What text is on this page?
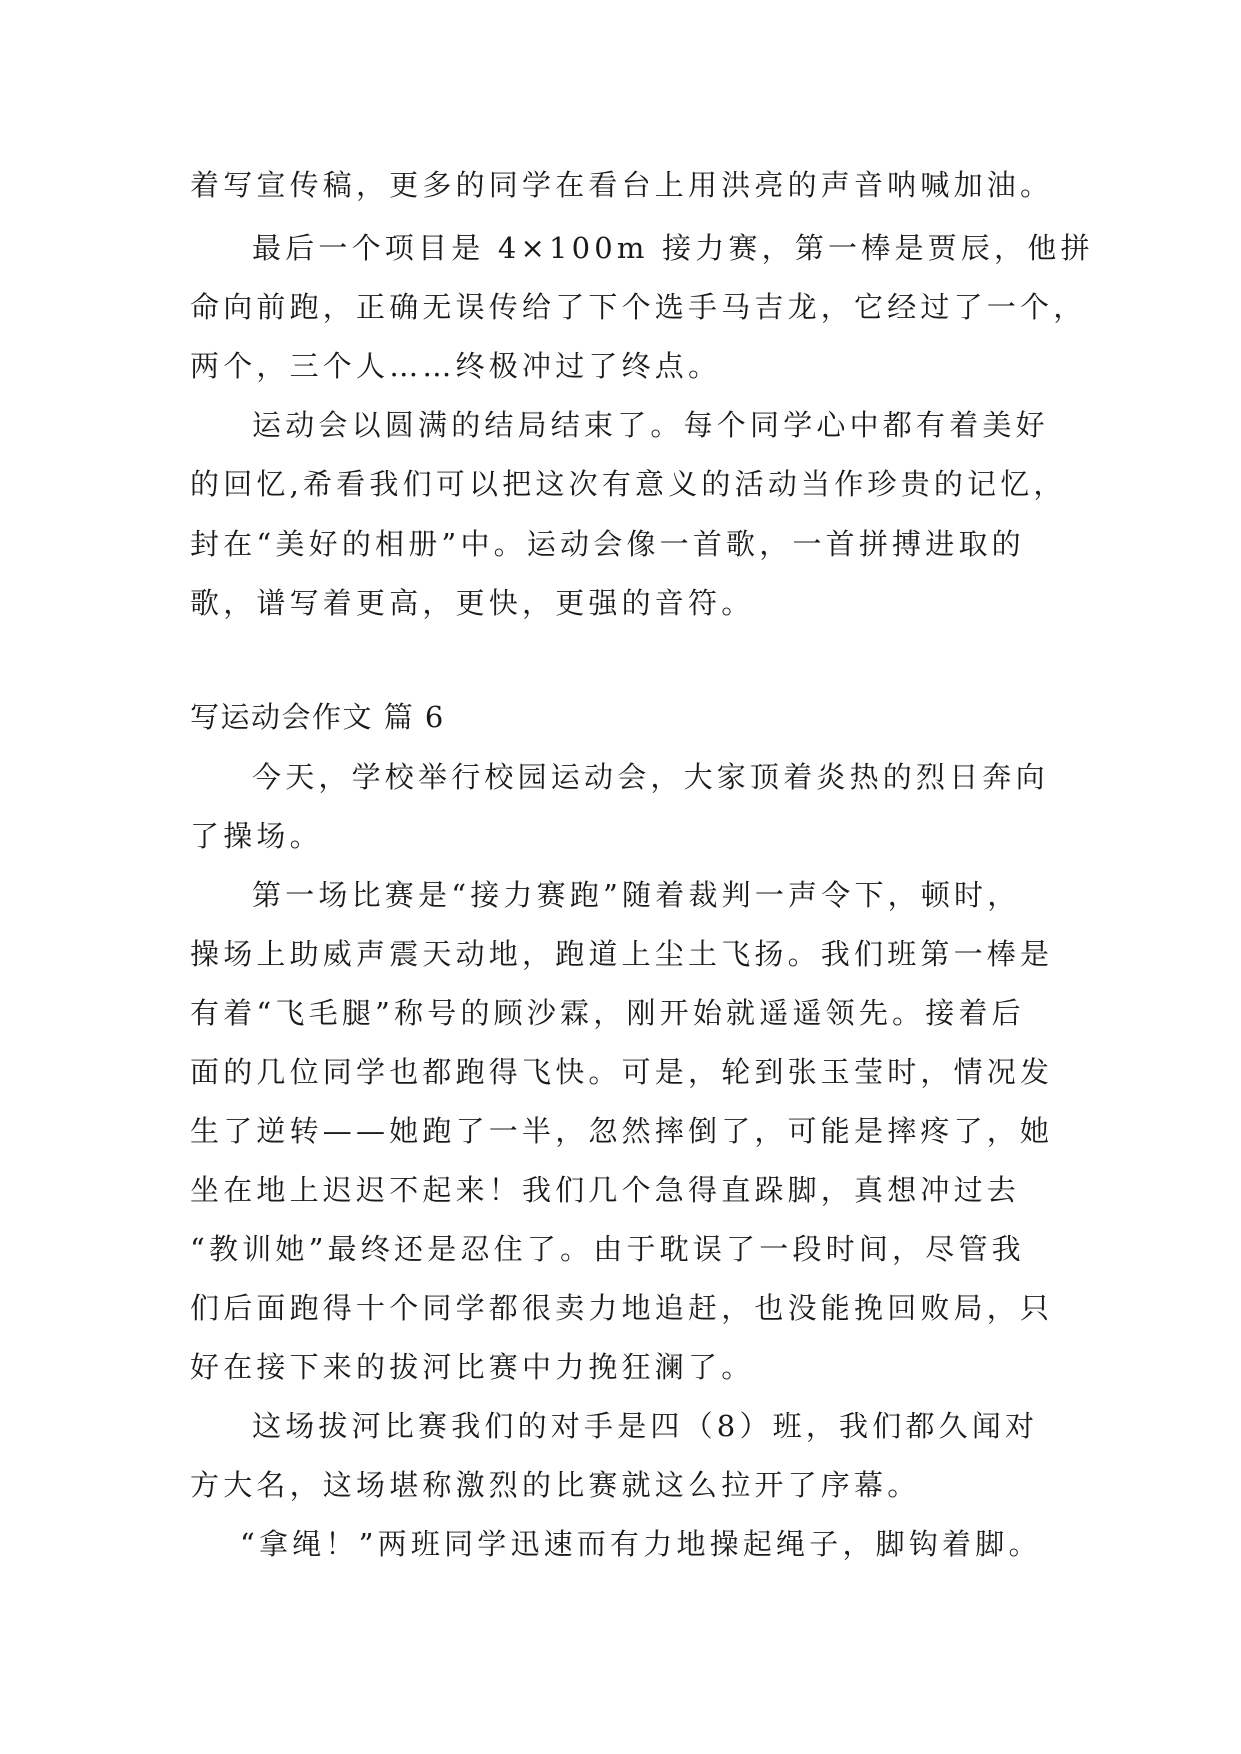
着写宣传稿，更多的同学在看台上用洪亮的声音呐喊加油。
最后一个项目是 4×100m 接力赛，第一棒是贾辰，他拼
命向前跑，正确无误传给了下个选手马吉龙，它经过了一个，
两个，三个人……终极冲过了终点。
运动会以圆满的结局结束了。每个同学心中都有着美好
的回忆,希看我们可以把这次有意义的活动当作珍贵的记忆，
封在“美好的相册”中。运动会像一首歌，一首拼搏进取的
歌，谱写着更高，更快，更强的音符。
写运动会作文 篇 6
今天，学校举行校园运动会，大家顶着炎热的烈日奔向
了操场。
第一场比赛是“接力赛跑”随着裁判一声令下，顿时，
操场上助威声震天动地，跑道上尘土飞扬。我们班第一棒是
有着“飞毛腿”称号的顾沙霖，刚开始就遥遥领先。接着后
面的几位同学也都跑得飞快。可是，轮到张玉莹时，情况发
生了逆转——她跑了一半，忽然摔倒了，可能是摔疼了，她
坐在地上迟迟不起来！我们几个急得直跺脚，真想冲过去
“教训她”最终还是忍住了。由于耽误了一段时间，尽管我
们后面跑得十个同学都很卖力地追赶，也没能挽回败局，只
好在接下来的拔河比赛中力挽狂澜了。
这场拔河比赛我们的对手是四（8）班，我们都久闻对
方大名，这场堪称激烈的比赛就这么拉开了序幕。
“拿绳！”两班同学迅速而有力地操起绳子，脚钩着脚。
